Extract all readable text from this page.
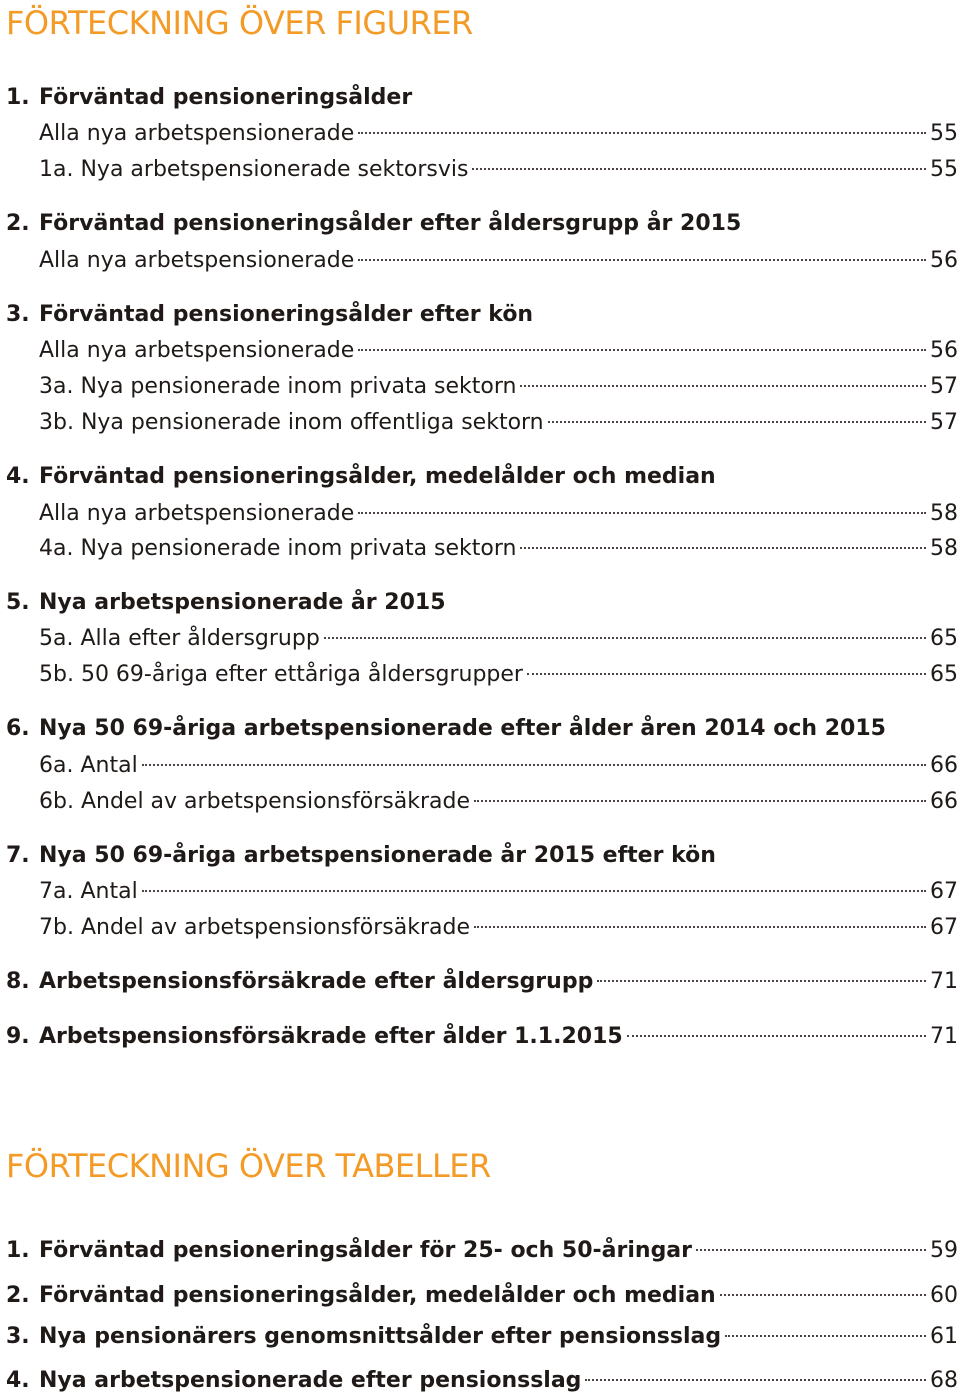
FÖRTECKNING ÖVER FIGURER
1. Förväntad pensioneringsålder
Alla nya arbetspensionerade	55
1a. Nya arbetspensionerade sektorsvis	55
2. Förväntad pensioneringsålder efter åldersgrupp år 2015
Alla nya arbetspensionerade	56
3. Förväntad pensioneringsålder efter kön
Alla nya arbetspensionerade	56
3a. Nya pensionerade inom privata sektorn	57
3b. Nya pensionerade inom offentliga sektorn	57
4. Förväntad pensioneringsålder, medelålder och median
Alla nya arbetspensionerade	58
4a. Nya pensionerade inom privata sektorn	58
5. Nya arbetspensionerade år 2015
5a. Alla efter åldersgrupp	65
5b. 50 69-åriga efter ettåriga åldersgrupper	65
6. Nya 50 69-åriga arbetspensionerade efter ålder åren 2014 och 2015
6a. Antal	66
6b. Andel av arbetspensionsförsäkrade	66
7. Nya 50 69-åriga arbetspensionerade år 2015 efter kön
7a. Antal	67
7b. Andel av arbetspensionsförsäkrade	67
8. Arbetspensionsförsäkrade efter åldersgrupp	71
9. Arbetspensionsförsäkrade efter ålder 1.1.2015	71
FÖRTECKNING ÖVER TABELLER
1. Förväntad pensioneringsålder för 25- och 50-åringar	59
2. Förväntad pensioneringsålder, medelålder och median	60
3. Nya pensionärers genomsnittsålder efter pensionsslag	61
4. Nya arbetspensionerade efter pensionsslag	68
